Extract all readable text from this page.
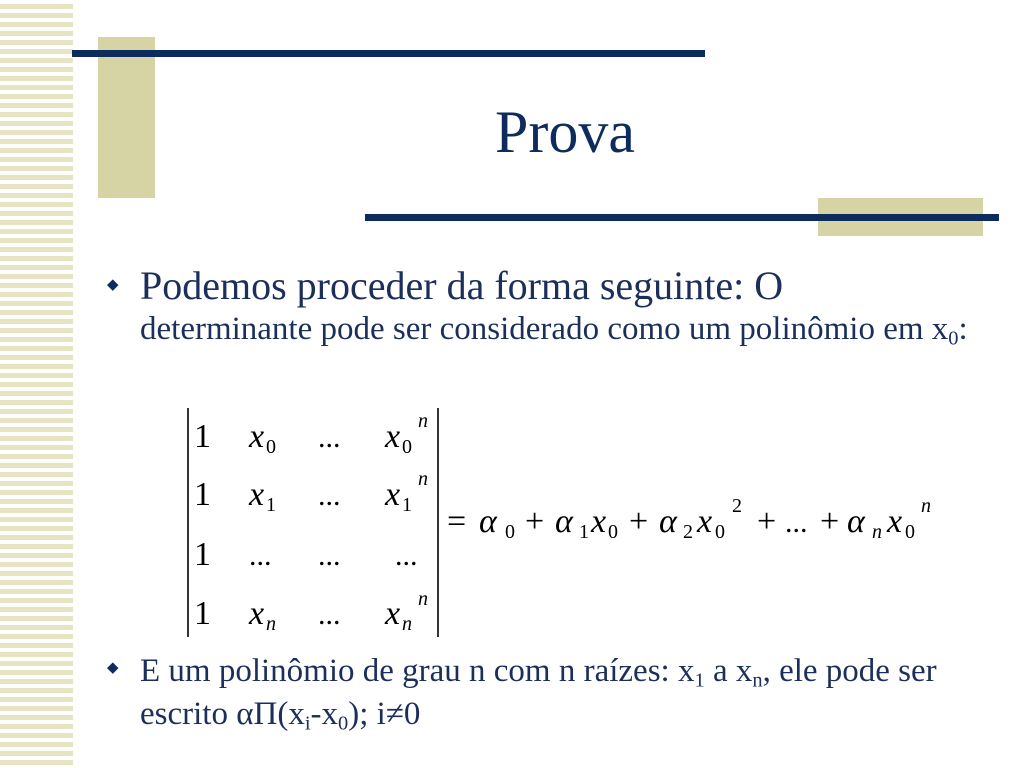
Prova
◆ Podemos proceder da forma seguinte: O
determinante pode ser considerado como um polinômio em $x_0$:
1 x 0 ... x 0
n
1 x 1 ... x 1
n
1 ... ... ...
1 x n ... x n
n
= α 0 + α 1 x 0 + α 2 x 0
2 + ... + α n x 0
n
◆ E um polinômio de grau n com n raízes: $x_1$ a $x_n$, ele pode ser escrito $\alpha\Pi(x_i-x_0)$; i≠0
